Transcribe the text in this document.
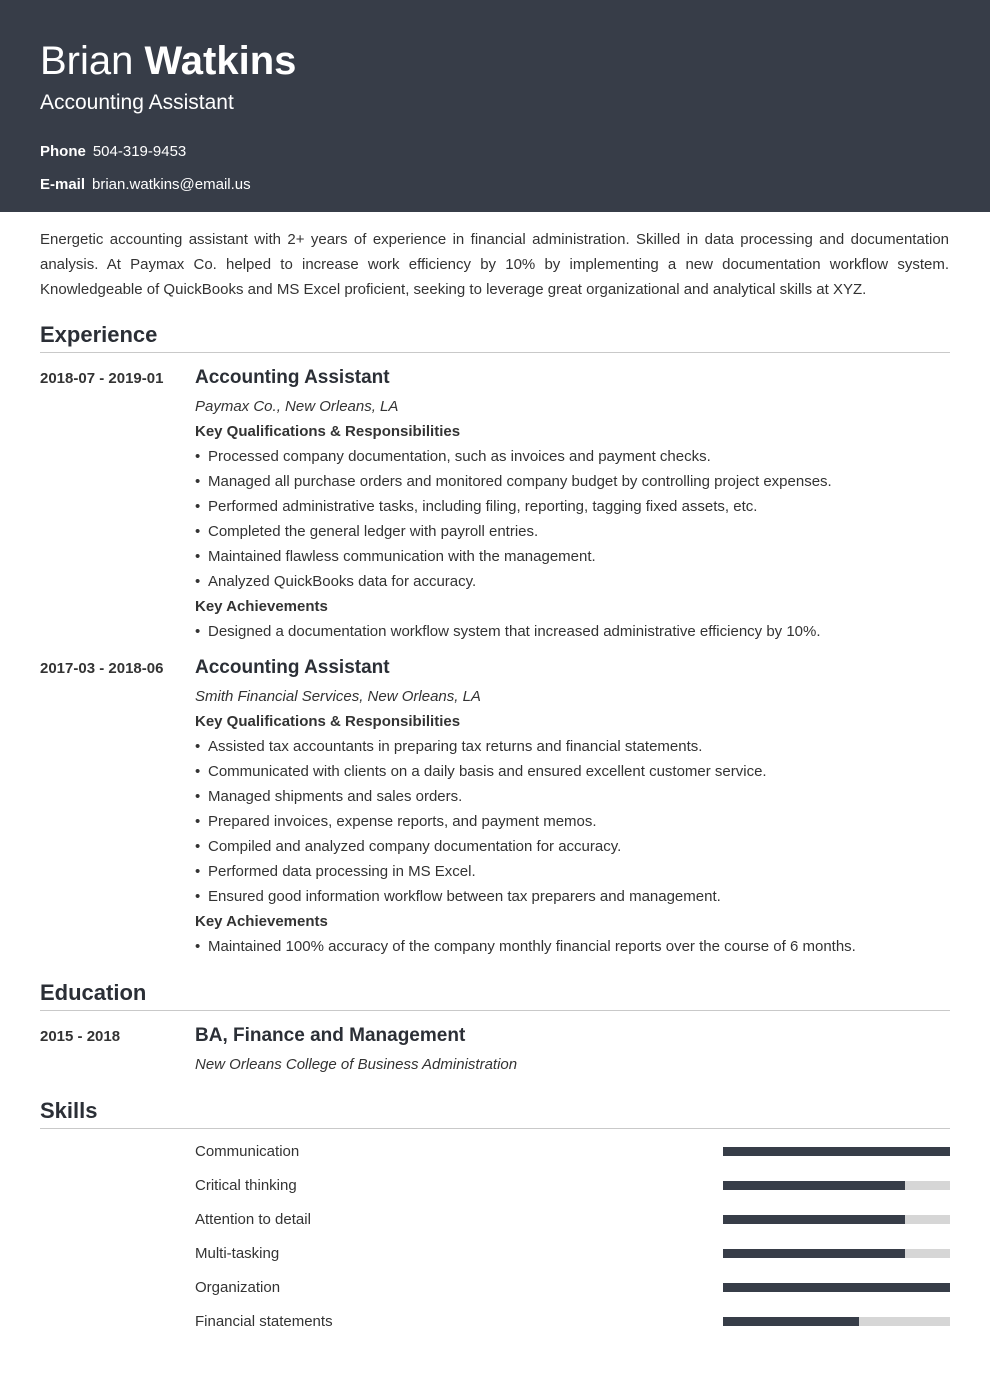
Brian Watkins
Accounting Assistant
Phone 504-319-9453
E-mail brian.watkins@email.us

Energetic accounting assistant with 2+ years of experience in financial administration. Skilled in data processing and documentation analysis. At Paymax Co. helped to increase work efficiency by 10% by implementing a new documentation workflow system. Knowledgeable of QuickBooks and MS Excel proficient, seeking to leverage great organizational and analytical skills at XYZ.

Experience
2018-07 - 2019-01 Accounting Assistant
Paymax Co., New Orleans, LA
Key Qualifications & Responsibilities
• Processed company documentation, such as invoices and payment checks.
• Managed all purchase orders and monitored company budget by controlling project expenses.
• Performed administrative tasks, including filing, reporting, tagging fixed assets, etc.
• Completed the general ledger with payroll entries.
• Maintained flawless communication with the management.
• Analyzed QuickBooks data for accuracy.
Key Achievements
• Designed a documentation workflow system that increased administrative efficiency by 10%.
2017-03 - 2018-06 Accounting Assistant
Smith Financial Services, New Orleans, LA
Key Qualifications & Responsibilities
• Assisted tax accountants in preparing tax returns and financial statements.
• Communicated with clients on a daily basis and ensured excellent customer service.
• Managed shipments and sales orders.
• Prepared invoices, expense reports, and payment memos.
• Compiled and analyzed company documentation for accuracy.
• Performed data processing in MS Excel.
• Ensured good information workflow between tax preparers and management.
Key Achievements
• Maintained 100% accuracy of the company monthly financial reports over the course of 6 months.
Education
2015 - 2018	BA, Finance and Management
New Orleans College of Business Administration
Skills
Communication
Critical thinking
Attention to detail
Multi-tasking
Organization
Financial statements
